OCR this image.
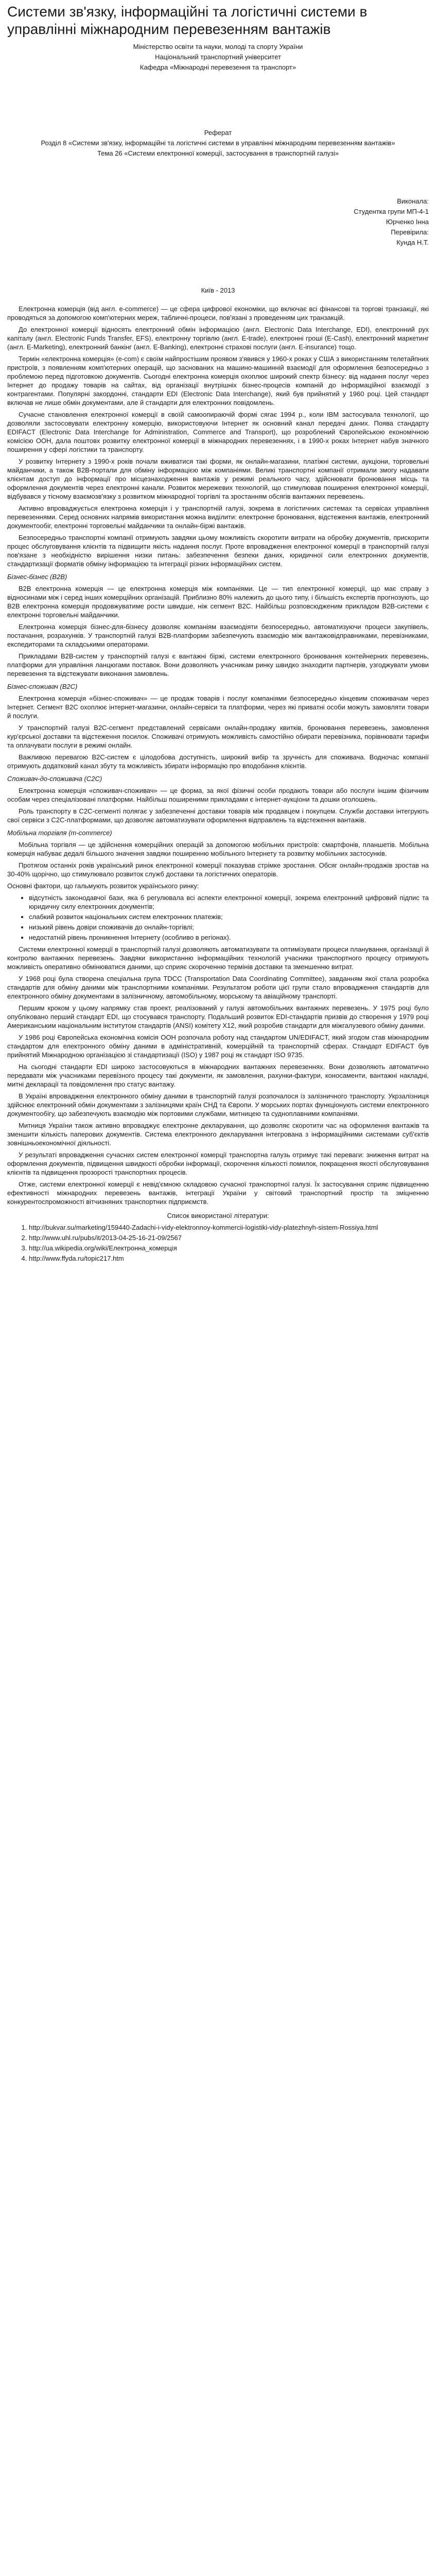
Системи зв'язку, інформаційні та логістичні системи в управлінні міжнародним перевезенням вантажів
Міністерство освіти та науки, молоді та спорту України
Національний транспортний університет
Кафедра «Міжнародні перевезення та транспорт»
Реферат
Розділ 8 «Системи зв'язку, інформаційні та логістичні системи в управлінні міжнародним перевезенням вантажів»
Тема 26 «Системи електронної комерції, застосування в транспортній галузі»
Виконала:
Студентка групи МП-4-1
Юрченко Інна
Перевірила:
Кунда Н.Т.
Київ - 2013

Електронна комерція (від англ. e-commerce) — це сфера цифрової економіки, що включає всі фінансові та торгові транзакції, які проводяться за допомогою комп'ютерних мереж, табличні-процеси, пов'язані з проведенням цих транзакцій.

До електронної комерції відносять електронний обмін інформацією (англ. Electronic Data Interchange, EDI), електронний рух капіталу (англ. Electronic Funds Transfer, EFS), електронну торгівлю (англ. E-trade), електронні гроші (E-Cash), електронний маркетинг (англ. E-Marketing), електронний банкінг (англ. E-Banking), електронні страхові послуги (англ. E-insurance) тощо.

Термін «електронна комерція» (e-com) є своїм найпростішим проявом з'явився у 1960-х роках у США з використанням телетайпних пристроїв, з появленням комп'ютерних операцій, що заснованих на машино-машинній взаємодії для оформлення безпосередньо з проблемою перед підготовкою документів. Сьогодні електронна комерція охоплює широкий спектр бізнесу: від надання послуг через Інтернет до продажу товарів на сайтах, від організації внутрішніх бізнес-процесів компаній до інформаційної взаємодії з контрагентами. Популярні закордонні, стандарти EDI (Electronic Data Interchange), який був прийнятий у 1960 році. Цей стандарт включав не лише обмін документами, але й стандарти для електронних повідомлень.

Сучасне становлення електронної комерції в своїй самоопираючій формі сягає 1994 р., коли IBM застосувала технології, що дозволяли застосовувати електронну комерцію, використовуючи Інтернет як основний канал передачі даних. Поява стандарту EDIFACT (Electronic Data Interchange for Administration, Commerce and Transport), що розроблений Європейською економічною комісією ООН, дала поштовх розвитку електронної комерції в міжнародних перевезеннях, і в 1990-х роках Інтернет набув значного поширення у сфері логістики та транспорту.

У розвитку Інтернету з 1990-х років почали вживатися такі форми, як онлайн-магазини, платіжні системи, аукціони, торговельні майданчики, а також B2B-портали для обміну інформацією між компаніями. Великі транспортні компанії отримали змогу надавати клієнтам доступ до інформації про місцезнаходження вантажів у режимі реального часу, здійснювати бронювання місць та оформлення документів через електронні канали. Розвиток мережевих технологій, що стимулював поширення електронної комерції, відбувався у тісному взаємозв'язку з розвитком міжнародної торгівлі та зростанням обсягів вантажних перевезень.

Активно впроваджується електронна комерція і у транспортній галузі, зокрема в логістичних системах та сервісах управління перевезеннями. Серед основних напрямів використання можна виділити: електронне бронювання, відстеження вантажів, електронний документообіг, електронні торговельні майданчики та онлайн-біржі вантажів.

Безпосередньо транспортні компанії отримують завдяки цьому можливість скоротити витрати на обробку документів, прискорити процес обслуговування клієнтів та підвищити якість надання послуг. Проте впровадження електронної комерції в транспортній галузі пов'язане з необхідністю вирішення низки питань: забезпечення безпеки даних, юридичної сили електронних документів, стандартизації форматів обміну інформацією та інтеграції різних інформаційних систем.

Бізнес-бізнес (B2B)

B2B електронна комерція — це електронна комерція між компаніями. Це — тип електронної комерції, що має справу з відносинами між і серед інших комерційних організацій. Приблизно 80% належить до цього типу, і більшість експертів прогнозують, що B2B електронна комерція продовжуватиме рости швидше, ніж сегмент B2C. Найбільш розповсюдженим прикладом B2B-системи є електронні торговельні майданчики.

Електронна комерція бізнес-для-бізнесу дозволяє компаніям взаємодіяти безпосередньо, автоматизуючи процеси закупівель, постачання, розрахунків. У транспортній галузі B2B-платформи забезпечують взаємодію між вантажовідправниками, перевізниками, експедиторами та складськими операторами.

Прикладами B2B-систем у транспортній галузі є вантажні біржі, системи електронного бронювання контейнерних перевезень, платформи для управління ланцюгами поставок. Вони дозволяють учасникам ринку швидко знаходити партнерів, узгоджувати умови перевезення та відстежувати виконання замовлень.

Бізнес-споживач (B2C)

Електронна комерція «бізнес-споживач» — це продаж товарів і послуг компаніями безпосередньо кінцевим споживачам через Інтернет. Сегмент B2C охоплює інтернет-магазини, онлайн-сервіси та платформи, через які приватні особи можуть замовляти товари й послуги.

У транспортній галузі B2C-сегмент представлений сервісами онлайн-продажу квитків, бронювання перевезень, замовлення кур'єрської доставки та відстеження посилок. Споживачі отримують можливість самостійно обирати перевізника, порівнювати тарифи та оплачувати послуги в режимі онлайн.

Важливою перевагою B2C-систем є цілодобова доступність, широкий вибір та зручність для споживача. Водночас компанії отримують додатковий канал збуту та можливість збирати інформацію про вподобання клієнтів.

Споживач-до-споживача (C2C)

Електронна комерція «споживач-споживач» — це форма, за якої фізичні особи продають товари або послуги іншим фізичним особам через спеціалізовані платформи. Найбільш поширеними прикладами є інтернет-аукціони та дошки оголошень.

Роль транспорту в C2C-сегменті полягає у забезпеченні доставки товарів між продавцем і покупцем. Служби доставки інтегрують свої сервіси з C2C-платформами, що дозволяє автоматизувати оформлення відправлень та відстеження вантажів.

Мобільна торгівля (m-commerce)

Мобільна торгівля — це здійснення комерційних операцій за допомогою мобільних пристроїв: смартфонів, планшетів. Мобільна комерція набуває дедалі більшого значення завдяки поширенню мобільного Інтернету та розвитку мобільних застосунків.

Протягом останніх років український ринок електронної комерції показував стрімке зростання. Обсяг онлайн-продажів зростав на 30-40% щорічно, що стимулювало розвиток служб доставки та логістичних операторів.

Основні фактори, що гальмують розвиток українського ринку:

• відсутність законодавчої бази, яка б регулювала всі аспекти електронної комерції, зокрема електронний цифровий підпис та юридичну силу електронних документів;
• слабкий розвиток національних систем електронних платежів;
• низький рівень довіри споживачів до онлайн-торгівлі;
• недостатній рівень проникнення Інтернету (особливо в регіонах).

Системи електронної комерції в транспортній галузі дозволяють автоматизувати та оптимізувати процеси планування, організації й контролю вантажних перевезень. Завдяки використанню інформаційних технологій учасники транспортного процесу отримують можливість оперативно обмінюватися даними, що сприяє скороченню термінів доставки та зменшенню витрат.

У 1968 році була створена спеціальна група TDCC (Transportation Data Coordinating Committee), завданням якої стала розробка стандартів для обміну даними між транспортними компаніями. Результатом роботи цієї групи стало впровадження стандартів для електронного обміну документами в залізничному, автомобільному, морському та авіаційному транспорті.

Першим кроком у цьому напрямку став проект, реалізований у галузі автомобільних вантажних перевезень. У 1975 році було опубліковано перший стандарт EDI, що стосувався транспорту. Подальший розвиток EDI-стандартів призвів до створення у 1979 році Американським національним інститутом стандартів (ANSI) комітету X12, який розробив стандарти для міжгалузевого обміну даними.

У 1986 році Європейська економічна комісія ООН розпочала роботу над стандартом UN/EDIFACT, який згодом став міжнародним стандартом для електронного обміну даними в адміністративній, комерційній та транспортній сферах. Стандарт EDIFACT був прийнятий Міжнародною організацією зі стандартизації (ISO) у 1987 році як стандарт ISO 9735.

На сьогодні стандарти EDI широко застосовуються в міжнародних вантажних перевезеннях. Вони дозволяють автоматично передавати між учасниками перевізного процесу такі документи, як замовлення, рахунки-фактури, коносаменти, вантажні накладні, митні декларації та повідомлення про статус вантажу.

В Україні впровадження електронного обміну даними в транспортній галузі розпочалося із залізничного транспорту. Укрзалізниця здійснює електронний обмін документами з залізницями країн СНД та Європи. У морських портах функціонують системи електронного документообігу, що забезпечують взаємодію між портовими службами, митницею та судноплавними компаніями.

Митниця України також активно впроваджує електронне декларування, що дозволяє скоротити час на оформлення вантажів та зменшити кількість паперових документів. Система електронного декларування інтегрована з інформаційними системами суб'єктів зовнішньоекономічної діяльності.

У результаті впровадження сучасних систем електронної комерції транспортна галузь отримує такі переваги: зниження витрат на оформлення документів, підвищення швидкості обробки інформації, скорочення кількості помилок, покращення якості обслуговування клієнтів та підвищення прозорості транспортних процесів.

Отже, системи електронної комерції є невід'ємною складовою сучасної транспортної галузі. Їх застосування сприяє підвищенню ефективності міжнародних перевезень вантажів, інтеграції України у світовий транспортний простір та зміцненню конкурентоспроможності вітчизняних транспортних підприємств.

Список використаної літератури:
1. http://bukvar.su/marketing/159440-Zadachi-i-vidy-elektronnoy-kommercii-logistiki-vidy-platezhnyh-sistem-Rossiya.html
2. http://www.uhl.ru/pubs/it/2013-04-25-16-21-09/2567
3. http://ua.wikipedia.org/wiki/Електронна_комерція
4. http://www.ffyda.ru/topic217.htm
